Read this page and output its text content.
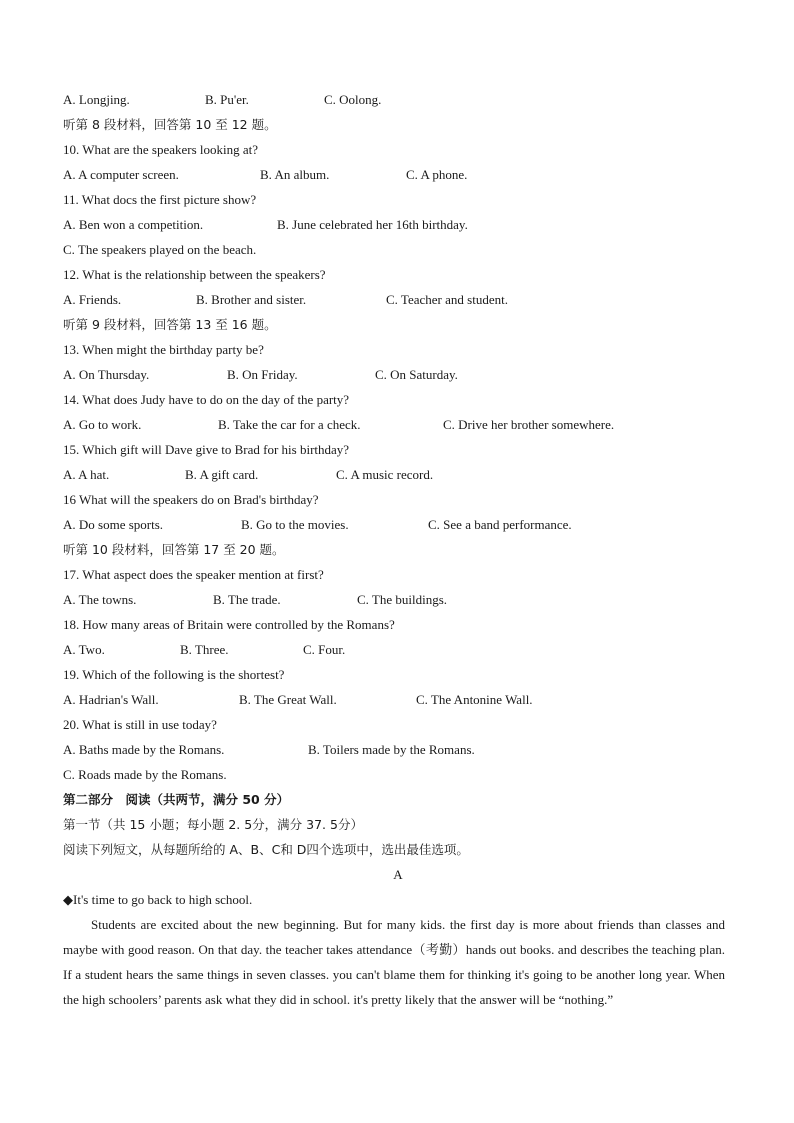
A. Longjing.	B. Pu'er.	C. Oolong.
听第 8 段材料，回答第 10 至 12 题。
10. What are the speakers looking at?
A. A computer screen.	B. An album.	C. A phone.
11. What docs the first picture show?
A. Ben won a competition.	B. June celebrated her 16th birthday.
C. The speakers played on the beach.
12. What is the relationship between the speakers?
A. Friends.	B. Brother and sister.	C. Teacher and student.
听第 9 段材料，回答第 13 至 16 题。
13. When might the birthday party be?
A. On Thursday.	B. On Friday.	C. On Saturday.
14. What does Judy have to do on the day of the party?
A. Go to work.	B. Take the car for a check.	C. Drive her brother somewhere.
15. Which gift will Dave give to Brad for his birthday?
A. A hat.	B. A gift card.	C. A music record.
16 What will the speakers do on Brad's birthday?
A. Do some sports.	B. Go to the movies.	C. See a band performance.
听第 10 段材料，回答第 17 至 20 题。
17. What aspect does the speaker mention at first?
A. The towns.	B. The trade.	C. The buildings.
18. How many areas of Britain were controlled by the Romans?
A. Two.	B. Three.	C. Four.
19. Which of the following is the shortest?
A. Hadrian's Wall.	B. The Great Wall.	C. The Antonine Wall.
20. What is still in use today?
A. Baths made by the Romans.	B. Toilers made by the Romans.
C. Roads made by the Romans.
第二部分　阅读（共两节，满分 50 分）
第一节（共 15 小题；每小题 2. 5分，满分 37. 5分）
阅读下列短文，从每题所给的 A、B、C和 D四个选项中，选出最佳选项。
A
◆It's time to go back to high school.

Students are excited about the new beginning. But for many kids. the first day is more about friends than classes and maybe with good reason. On that day. the teacher takes attendance（考勤）hands out books. and describes the teaching plan. If a student hears the same things in seven classes. you can't blame them for thinking it's going to be another long year. When the high schoolers’ parents ask what they did in school. it's pretty likely that the answer will be “nothing.”
